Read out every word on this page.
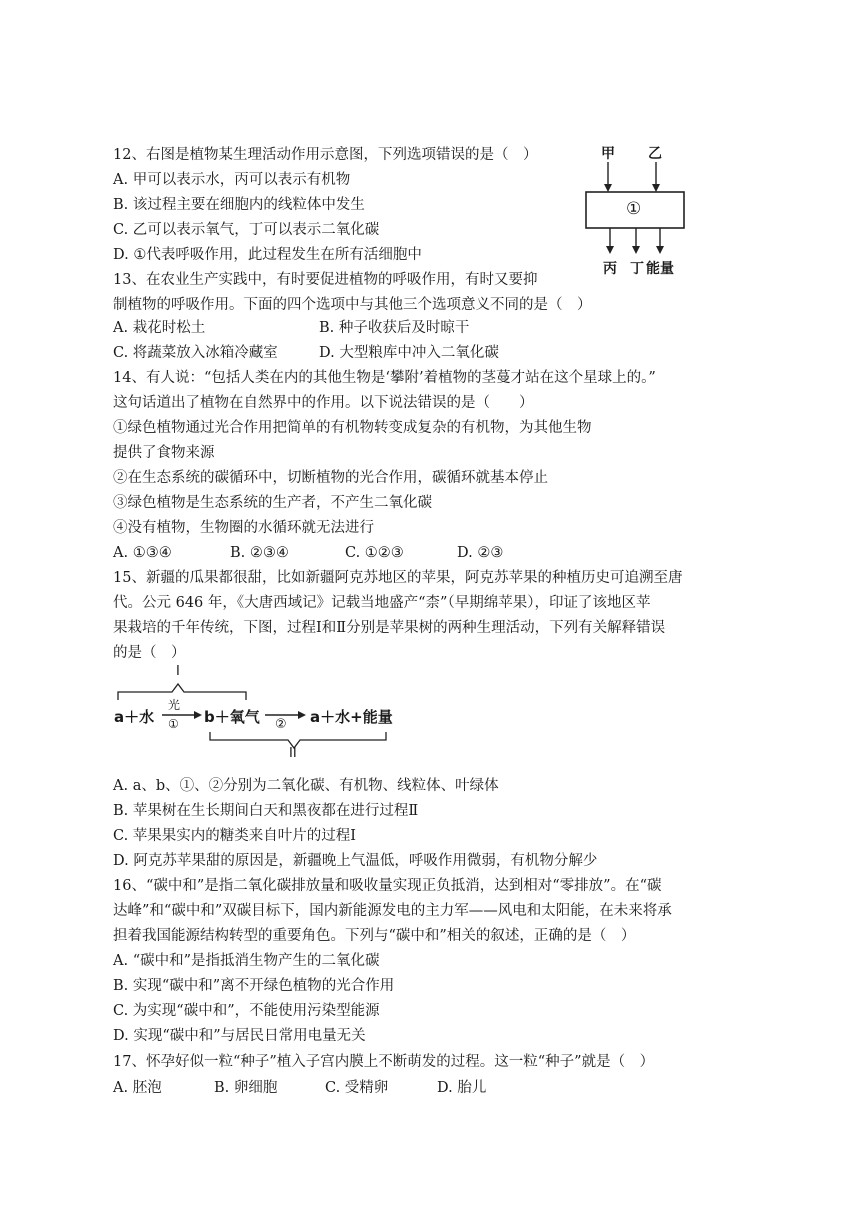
12、右图是植物某生理活动作用示意图，下列选项错误的是（　）
A. 甲可以表示水，丙可以表示有机物
B. 该过程主要在细胞内的线粒体中发生
C. 乙可以表示氧气，丁可以表示二氧化碳
D. ①代表呼吸作用，此过程发生在所有活细胞中
甲 乙
①
丙 丁 能量
13、在农业生产实践中，有时要促进植物的呼吸作用，有时又要抑
制植物的呼吸作用。下面的四个选项中与其他三个选项意义不同的是（　）
A. 栽花时松土	B. 种子收获后及时晾干
C. 将蔬菜放入冰箱冷藏室	D. 大型粮库中冲入二氧化碳
14、有人说：“包括人类在内的其他生物是‘攀附’着植物的茎蔓才站在这个星球上的。”
这句话道出了植物在自然界中的作用。以下说法错误的是（　　）
①绿色植物通过光合作用把简单的有机物转变成复杂的有机物，为其他生物
提供了食物来源
②在生态系统的碳循环中，切断植物的光合作用，碳循环就基本停止
③绿色植物是生态系统的生产者，不产生二氧化碳
④没有植物，生物圈的水循环就无法进行
A. ①③④	B. ②③④	C. ①②③	D. ②③
15、新疆的瓜果都很甜，比如新疆阿克苏地区的苹果，阿克苏苹果的种植历史可追溯至唐
代。公元 646 年，《大唐西域记》记载当地盛产“柰”（早期绵苹果），印证了该地区苹
果栽培的千年传统，下图，过程Ⅰ和Ⅱ分别是苹果树的两种生理活动，下列有关解释错误
的是（　）
I
II
a＋水
光
① b＋氧气 ② a＋水+能量
A. a、b、①、②分别为二氧化碳、有机物、线粒体、叶绿体
B. 苹果树在生长期间白天和黑夜都在进行过程Ⅱ
C. 苹果果实内的糖类来自叶片的过程Ⅰ
D. 阿克苏苹果甜的原因是，新疆晚上气温低，呼吸作用微弱，有机物分解少
16、“碳中和”是指二氧化碳排放量和吸收量实现正负抵消，达到相对“零排放”。在“碳
达峰”和“碳中和”双碳目标下，国内新能源发电的主力军——风电和太阳能，在未来将承
担着我国能源结构转型的重要角色。下列与“碳中和”相关的叙述，正确的是（　）
A. “碳中和”是指抵消生物产生的二氧化碳
B. 实现“碳中和”离不开绿色植物的光合作用
C. 为实现“碳中和”，不能使用污染型能源
D. 实现“碳中和”与居民日常用电量无关
17、怀孕好似一粒“种子”植入子宫内膜上不断萌发的过程。这一粒“种子”就是（　）
A. 胚泡	B. 卵细胞	C. 受精卵	D. 胎儿
